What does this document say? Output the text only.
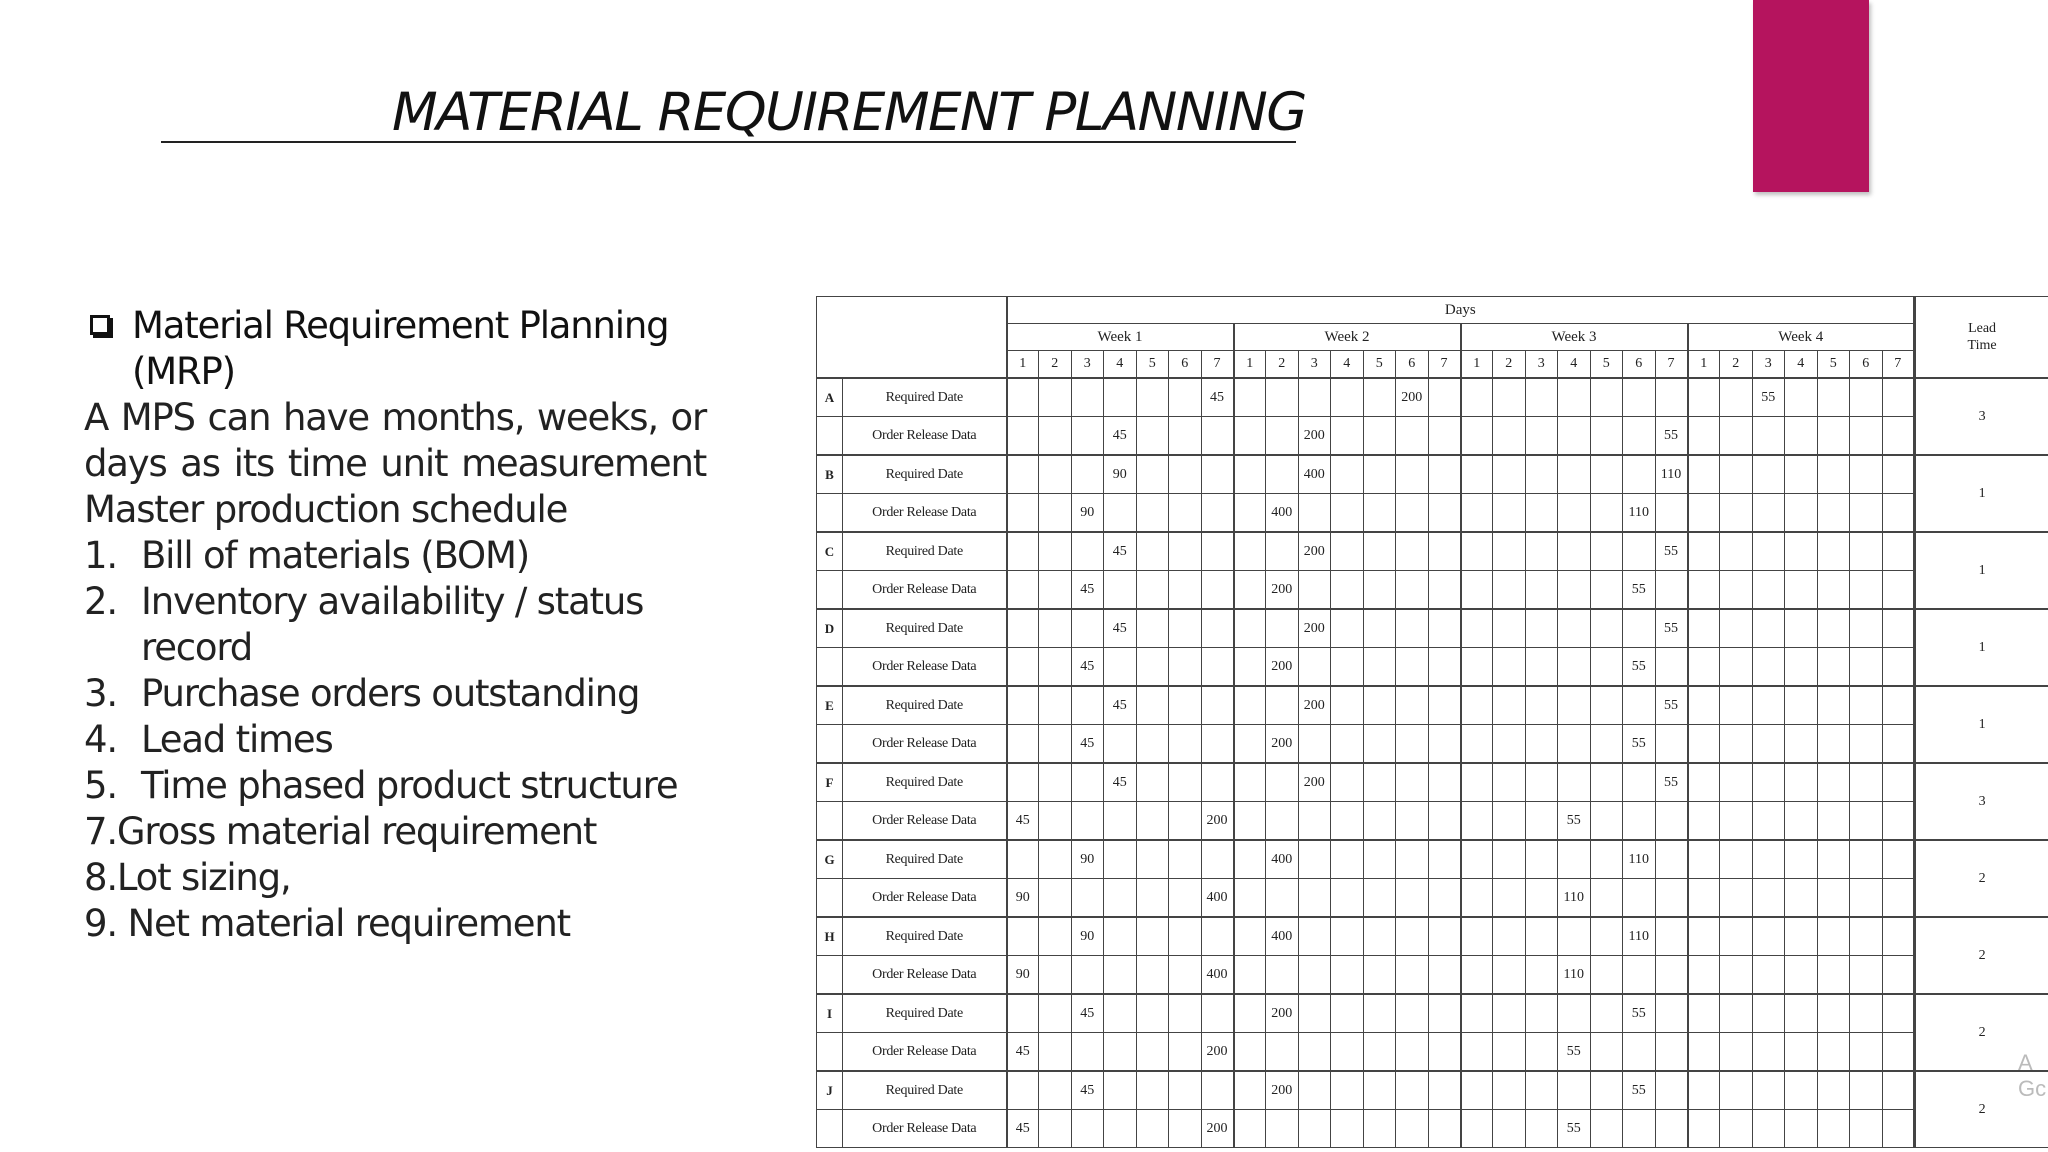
MATERIAL REQUIREMENT PLANNING
Material Requirement Planning
(MRP)
A MPS can have months, weeks, or
days as its time unit measurement
Master production schedule
1. Bill of materials (BOM)
2. Inventory availability / status
record
3. Purchase orders outstanding
4. Lead times
5. Time phased product structure
7.Gross material requirement
8.Lot sizing,
9. Net material requirement
		Days																												Lead
Time

		Week 1							Week 2							Week 3							Week 4							
		1	2	3	4	5	6	7	1	2	3	4	5	6	7	1	2	3	4	5	6	7	1	2	3	4	5	6	7	
A	Required Date							45						200											55					3
	Order Release Data				45						200											55								
B	Required Date				90						400											110								1
	Order Release Data			90						400											110									
C	Required Date				45						200											55								1
	Order Release Data			45						200											55									
D	Required Date				45						200											55								1
	Order Release Data			45						200											55									
E	Required Date				45						200											55								1
	Order Release Data			45						200											55									
F	Required Date				45						200											55								3
	Order Release Data	45						200											55											
G	Required Date			90						400											110									2
	Order Release Data	90						400											110											
H	Required Date			90						400											110									2
	Order Release Data	90						400											110											
I	Required Date			45						200											55									2
	Order Release Data	45						200											55											
J	Required Date			45						200											55									2
	Order Release Data	45						200											55											
A
Gc
